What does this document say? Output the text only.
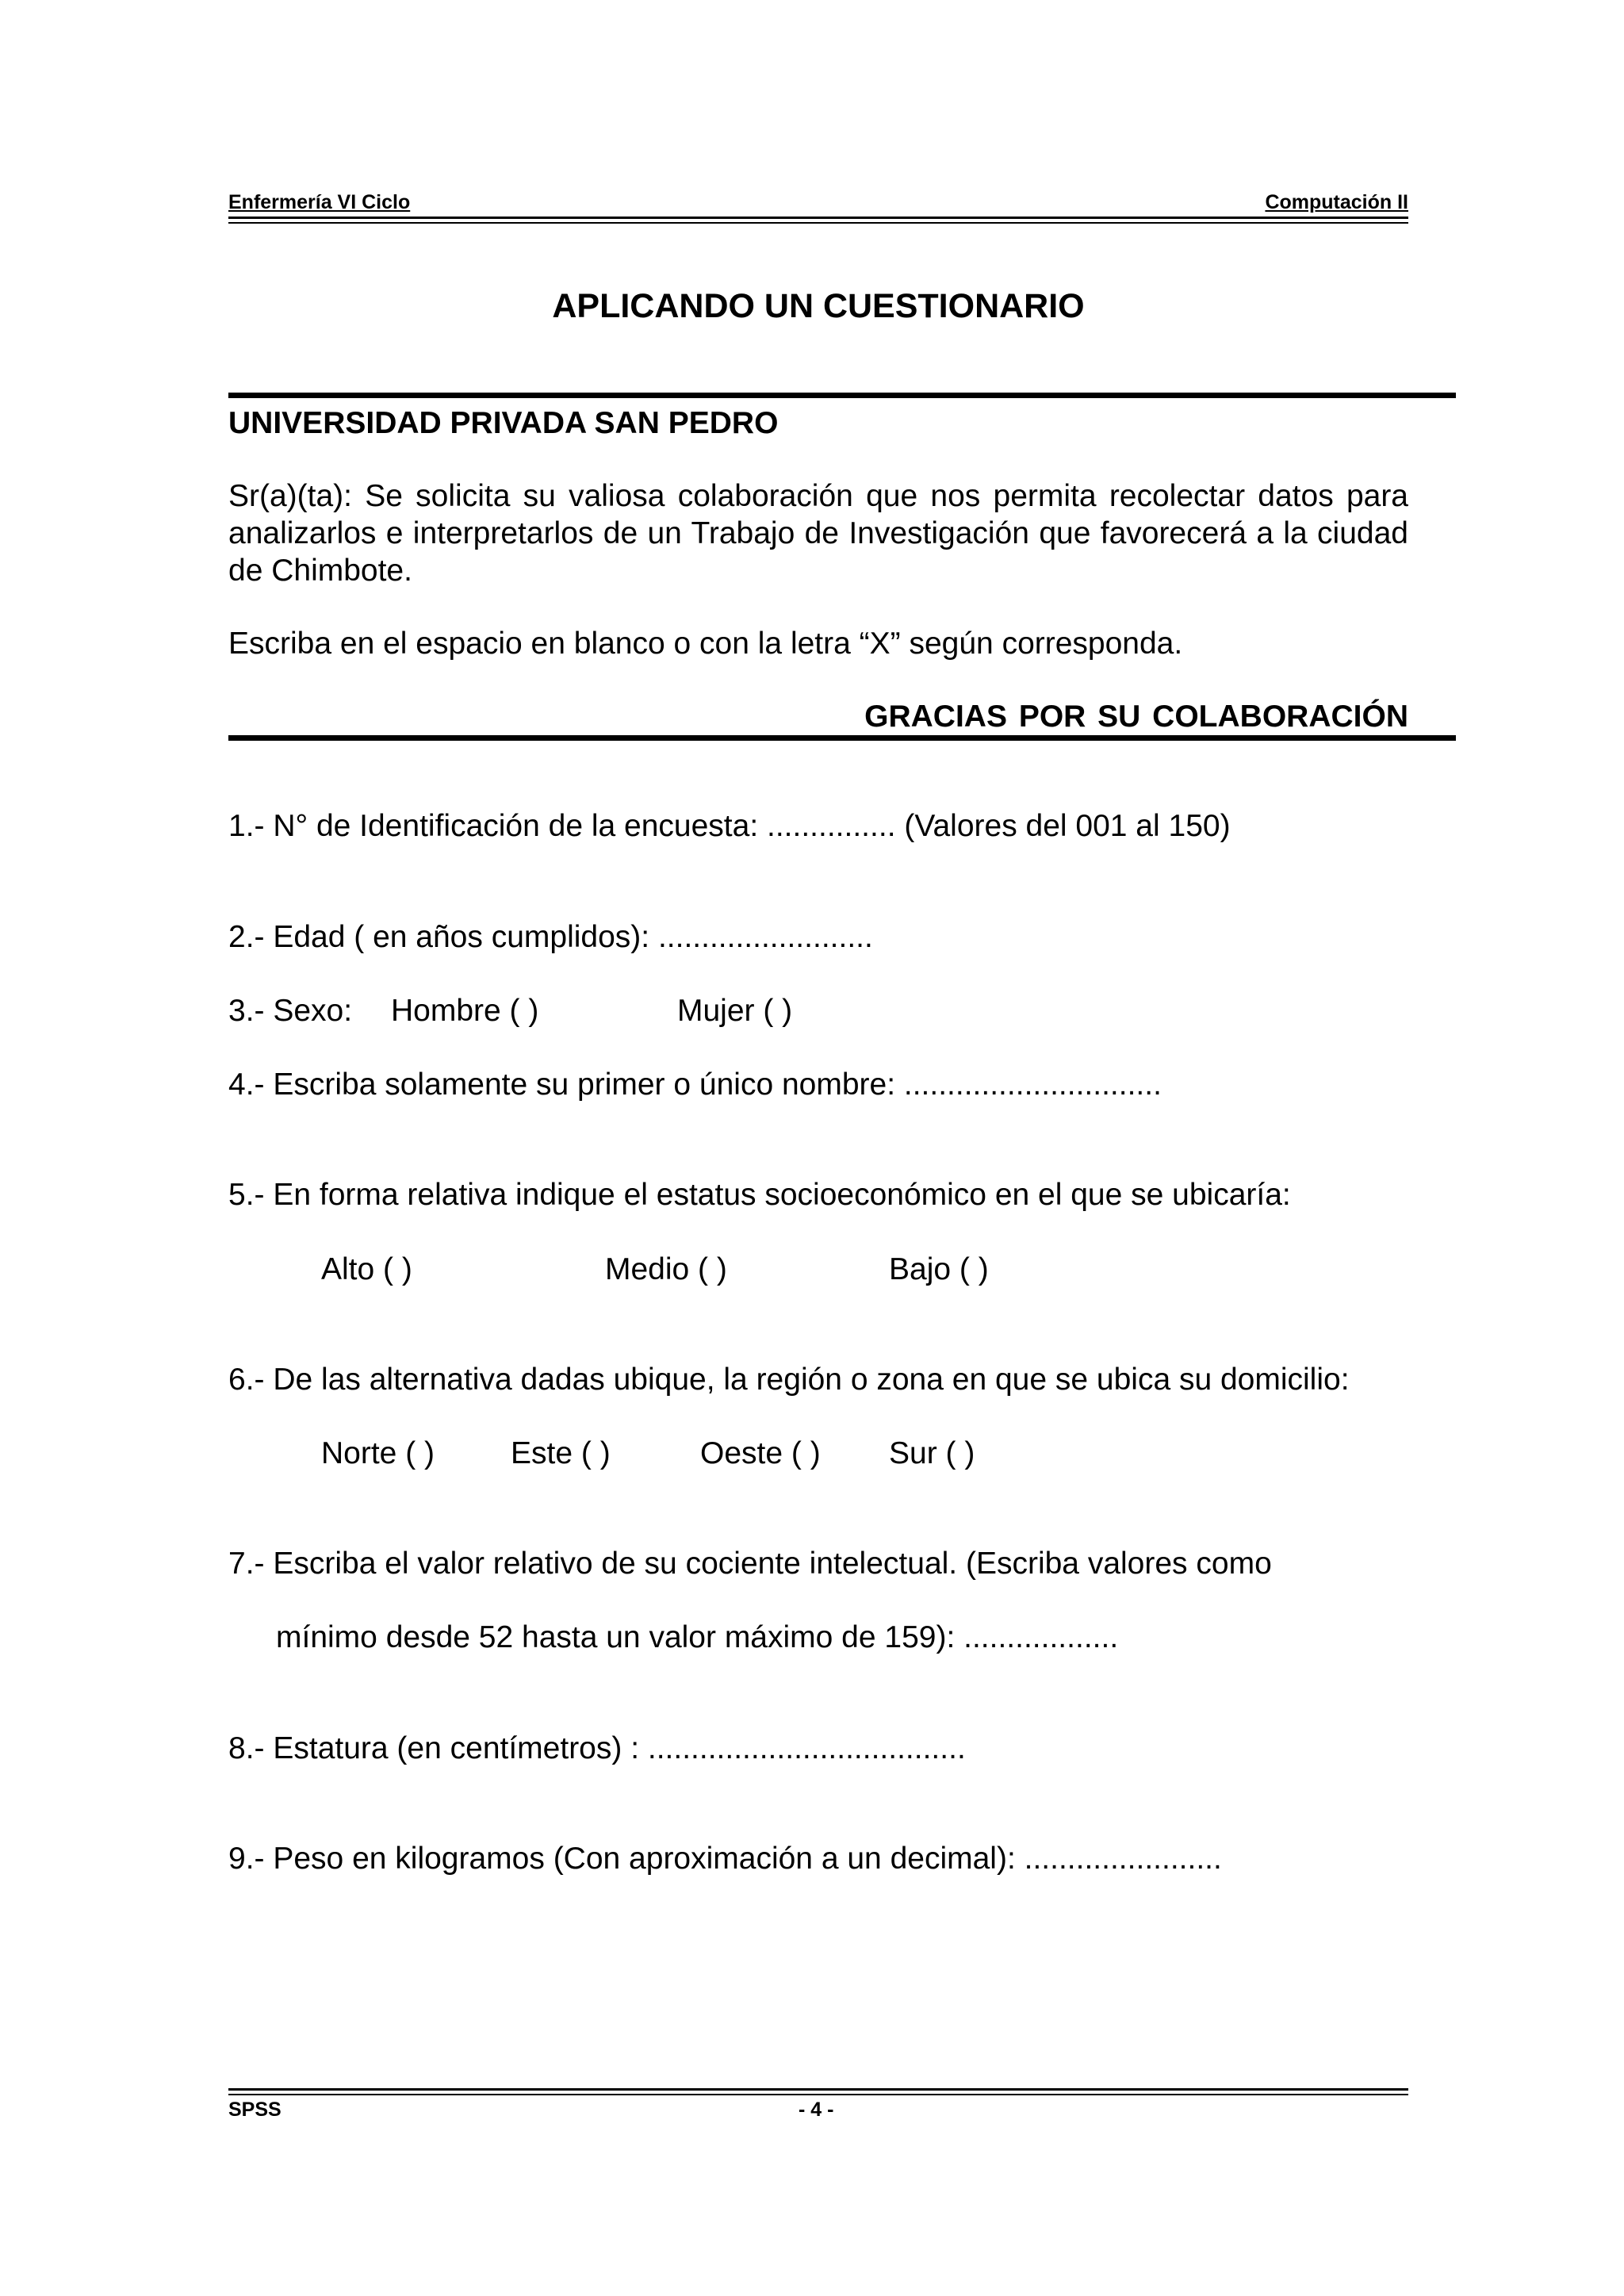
Enfermería VI Ciclo	Computación II
APLICANDO UN CUESTIONARIO
UNIVERSIDAD PRIVADA SAN PEDRO

Sr(a)(ta): Se solicita su valiosa colaboración que nos permita recolectar datos para analizarlos e interpretarlos de un Trabajo de Investigación que favorecerá a la ciudad de Chimbote.

Escriba en el espacio en blanco o con la letra “X” según corresponda.
GRACIAS POR SU COLABORACIÓN
1.- N° de Identificación de la encuesta: ............... (Valores del 001 al 150)
2.- Edad ( en años cumplidos): .........................
3.- Sexo: Hombre ( )	Mujer ( )
4.- Escriba solamente su primer o único nombre: ..............................
5.- En forma relativa indique el estatus socioeconómico en el que se ubicaría:
Alto ( )	Medio ( )	Bajo ( )
6.- De las alternativa dadas ubique, la región o zona en que se ubica su domicilio:
Norte ( ) Este ( )	Oeste ( ) Sur ( )
7.- Escriba el valor relativo de su cociente intelectual. (Escriba valores como
mínimo desde 52 hasta un valor máximo de 159): ..................
8.- Estatura (en centímetros) : .....................................
9.- Peso en kilogramos (Con aproximación a un decimal): .......................
SPSS	- 4 -
